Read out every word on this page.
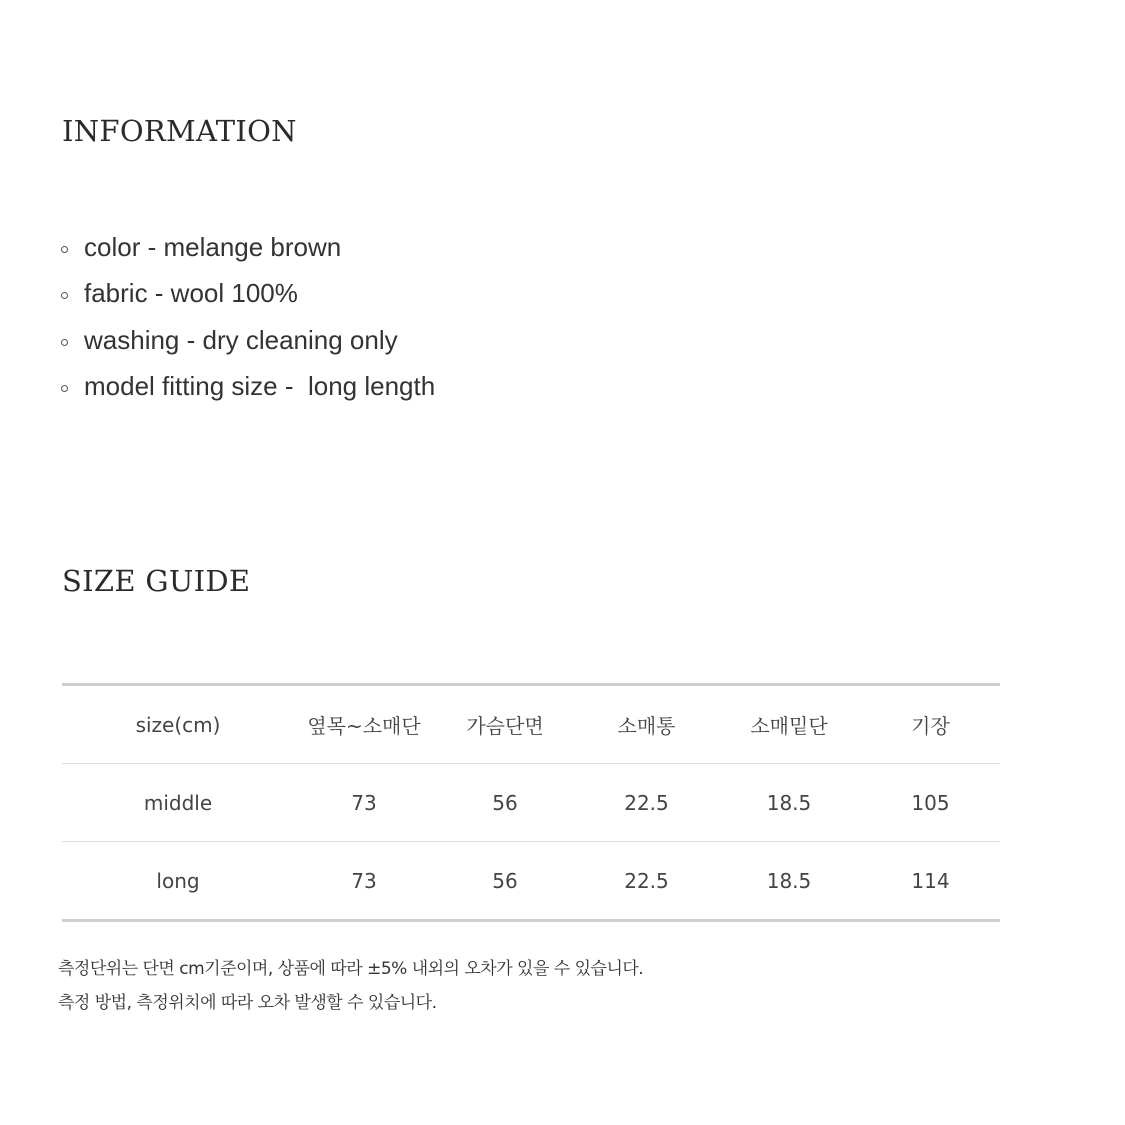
INFORMATION
color - melange brown
fabric - wool 100%
washing - dry cleaning only
model fitting size -  long length
SIZE GUIDE
size(cm)	옆목~소매단	가슴단면	소매통	소매밑단	기장	
middle	73	56	22.5	18.5	105	
long	73	56	22.5	18.5	114	
측정단위는 단면 cm기준이며, 상품에 따라 ±5% 내외의 오차가 있을 수 있습니다.
측정 방법, 측정위치에 따라 오차 발생할 수 있습니다.
